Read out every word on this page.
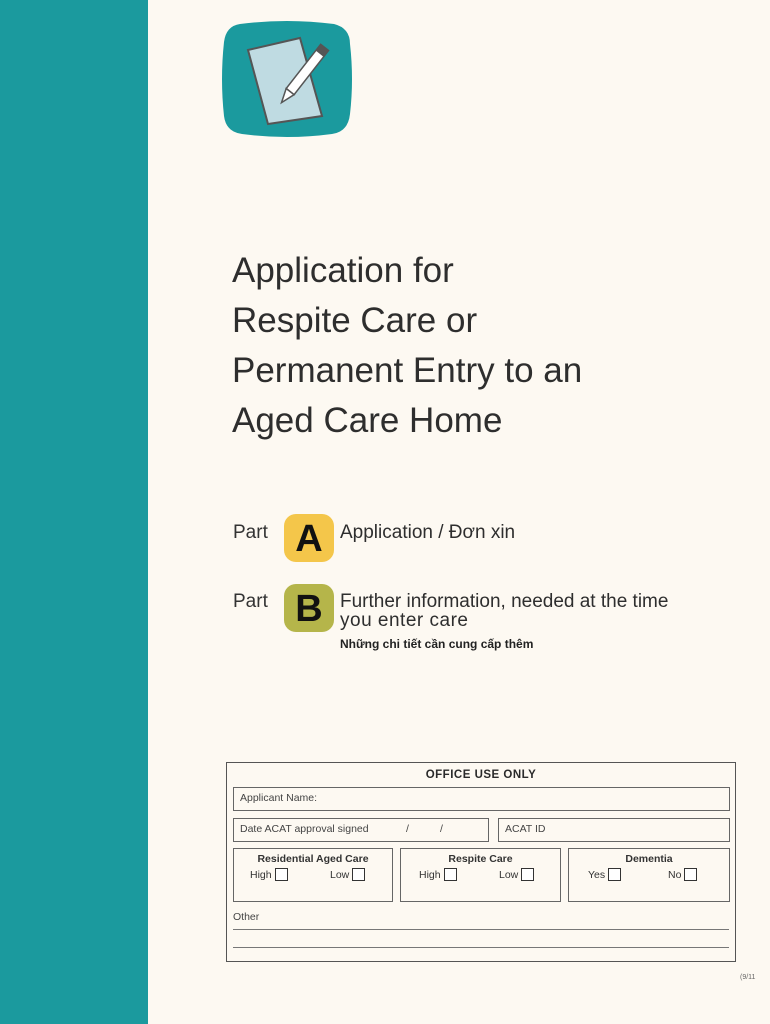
Application for
Respite Care or
Permanent Entry to an
Aged Care Home
Part A Application / Đơn xin
Part B Further information, needed at the time
you enter care
Những chi tiết cần cung cấp thêm
OFFICE USE ONLY
Applicant Name:
Date ACAT approval signed	/	/	ACAT ID
Residential Aged Care
High	Low
Respite Care
High	Low
Dementia
Yes	No
Other
(9/11
